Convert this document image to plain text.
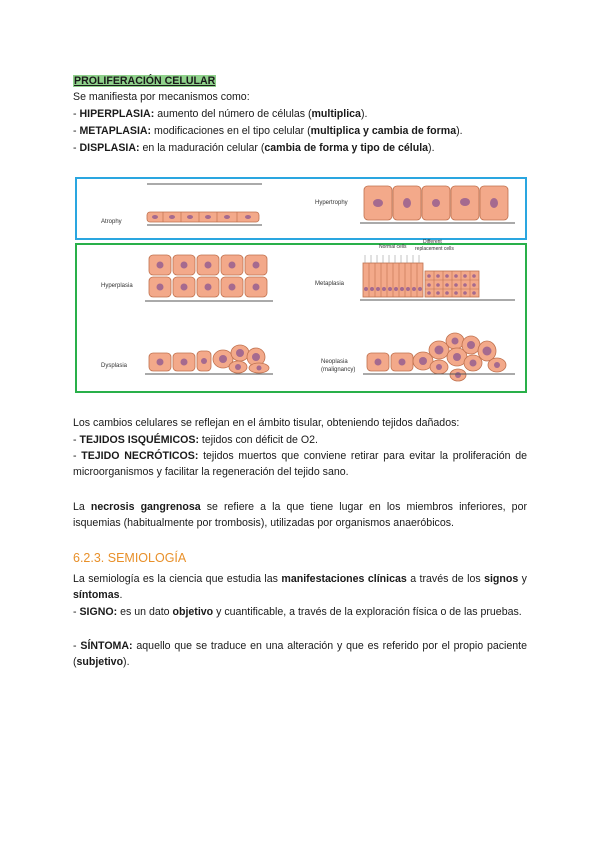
PROLIFERACIÓN CELULAR
Se manifiesta por mecanismos como:
- HIPERPLASIA: aumento del número de células (multiplica).
- METAPLASIA: modificaciones en el tipo celular (multiplica y cambia de forma).
- DISPLASIA: en la maduración celular (cambia de forma y tipo de célula).
Atrophy
Hypertrophy
Hyperplasia	Metaplasia
Normal cells
Different
replacement cells
Dysplasia
Neoplasia
(malignancy)
Los cambios celulares se reflejan en el ámbito tisular, obteniendo tejidos dañados:
- TEJIDOS ISQUÉMICOS: tejidos con déficit de O2.
- TEJIDO NECRÓTICOS: tejidos muertos que conviene retirar para evitar la proliferación de microorganismos y facilitar la regeneración del tejido sano.
La necrosis gangrenosa se refiere a la que tiene lugar en los miembros inferiores, por isquemias (habitualmente por trombosis), utilizadas por organismos anaeróbicos.
6.2.3. SEMIOLOGÍA
La semiología es la ciencia que estudia las manifestaciones clínicas a través de los signos y síntomas.
- SIGNO: es un dato objetivo y cuantificable, a través de la exploración física o de las pruebas.
- SÍNTOMA: aquello que se traduce en una alteración y que es referido por el propio paciente (subjetivo).
